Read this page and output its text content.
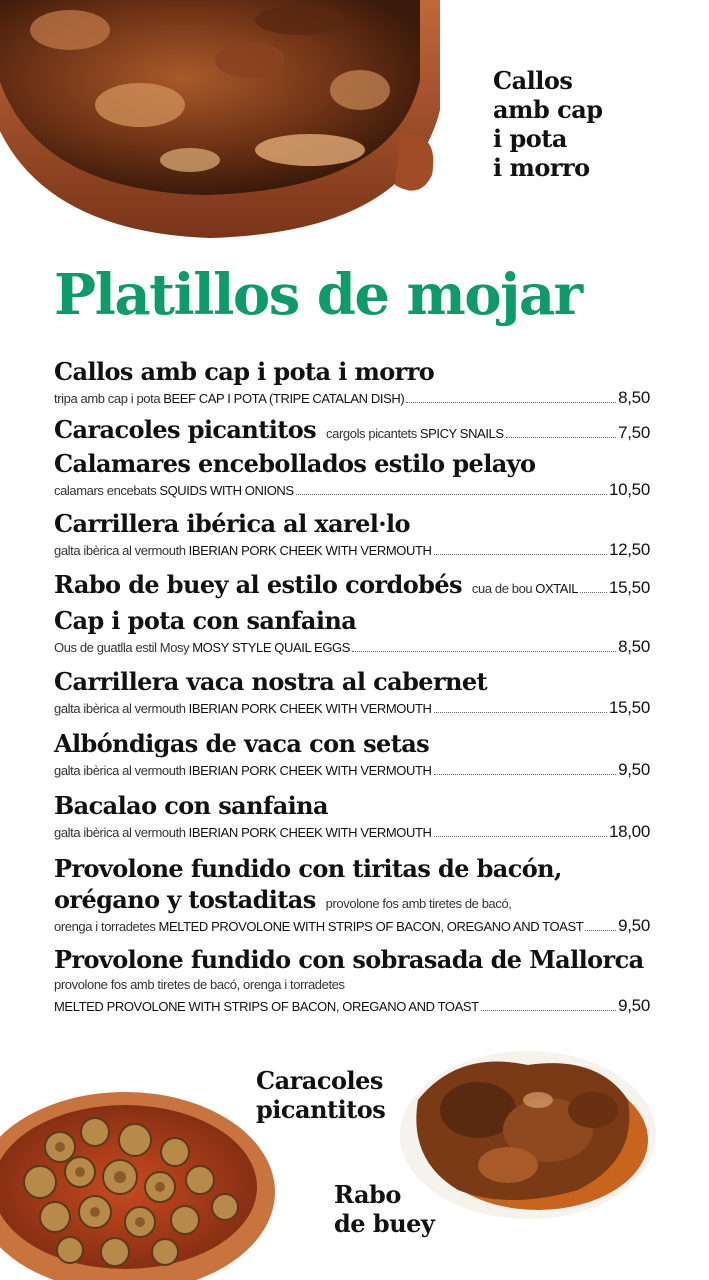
Callos
amb cap
i pota
i morro
Platillos de mojar
Callos amb cap i pota i morro
tripa amb cap i pota BEEF CAP I POTA (TRIPE CATALAN DISH)	8,50
Caracoles picantitos cargols picantets SPICY SNAILS	7,50
Calamares encebollados estilo pelayo
calamars encebats SQUIDS WITH ONIONS	10,50
Carrillera ibérica al xarel·lo
galta ibèrica al vermouth IBERIAN PORK CHEEK WITH VERMOUTH	12,50
Rabo de buey al estilo cordobés cua de bou OXTAIL 15,50
Cap i pota con sanfaina
Ous de guatlla estil Mosy MOSY STYLE QUAIL EGGS	8,50
Carrillera vaca nostra al cabernet
galta ibèrica al vermouth IBERIAN PORK CHEEK WITH VERMOUTH	15,50
Albóndigas de vaca con setas
galta ibèrica al vermouth IBERIAN PORK CHEEK WITH VERMOUTH	9,50
Bacalao con sanfaina
galta ibèrica al vermouth IBERIAN PORK CHEEK WITH VERMOUTH	18,00
Provolone fundido con tiritas de bacón,
orégano y tostaditas provolone fos amb tiretes de bacó,
orenga i torradetes MELTED PROVOLONE WITH STRIPS OF BACON, OREGANO AND TOAST 9,50
Provolone fundido con sobrasada de Mallorca
provolone fos amb tiretes de bacó, orenga i torradetes
MELTED PROVOLONE WITH STRIPS OF BACON, OREGANO AND TOAST	9,50
Caracoles
picantitos
Rabo
de buey
